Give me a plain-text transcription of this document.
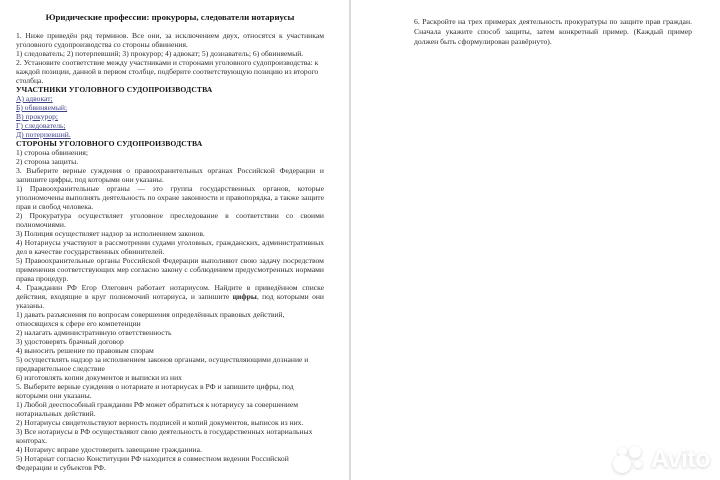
Юридические профессии: прокуроры, следователи нотариусы

1. Ниже приведён ряд терминов. Все они, за исключением двух, относятся к участникам уголовного судопроизводства со стороны обвинения.

1) следователь; 2) потерпевший; 3) прокурор; 4) адвокат; 5) дознаватель; 6) обвиняемый.

2. Установите соответствие между участниками и сторонами уголовного судопроизводства: к каждой позиции, данной в первом столбце, подберите соответствующую позицию из второго столбца.

УЧАСТНИКИ УГОЛОВНОГО СУДОПРОИЗВОДСТВА

А) адвокат;

Б) обвиняемый;

В) прокурор;

Г) следователь;

Д) потерпевший.

СТОРОНЫ УГОЛОВНОГО СУДОПРОИЗВОДСТВА

1) сторона обвинения;

2) сторона защиты.

3. Выберите верные суждения о правоохранительных органах Российской Федерации и запишите цифры, под которыми они указаны.

1) Правоохранительные органы — это группа государственных органов, которые уполномочены выполнять деятельность по охране законности и правопорядка, а также защите прав и свобод человека.

2) Прокуратура осуществляет уголовное преследование в соответствии со своими полномочиями.

3) Полиция осуществляет надзор за исполнением законов.

4) Нотариусы участвуют в рассмотрении судами уголовных, гражданских, административных дел в качестве государственных обвинителей.

5) Правоохранительные органы Российской Федерации выполняют свою задачу посредством применения соответствующих мер согласно закону с соблюдением предусмотренных нормами права процедур.

4. Гражданин РФ Егор Олегович работает нотариусом. Найдите в приведённом списке действия, входящие в круг полномочий нотариуса, и запишите цифры, под которыми они указаны.

1) давать разъяснения по вопросам совершения определённых правовых действий, относящихся к сфере его компетенции

2) налагать административную ответственность

3) удостоверять брачный договор

4) выносить решение по правовым спорам

5) осуществлять надзор за исполнением законов органами, осуществляющими дознание и предварительное следствие

6) изготовлять копии документов и выписки из них

5. Выберите верные суждения о нотариате и нотариусах в РФ и запишите цифры, под которыми они указаны.

1) Любой дееспособный гражданин РФ может обратиться к нотариусу за совершением нотариальных действий.

2) Нотариусы свидетельствуют верность подписей и копий документов, выписок из них.

3) Все нотариусы в РФ осуществляют свою деятельность в государственных нотариальных конторах.

4) Нотариус вправе удостоверить завещание гражданина.

5) Нотариат согласно Конституции РФ находится в совместном ведении Российской Федерации и субъектов РФ.

6. Раскройте на трех примерах деятельность прокуратуры по защите прав граждан. Сначала укажите способ защиты, затем конкретный пример. (Каждый пример должен быть сформулирован развёрнуто).

Avito
